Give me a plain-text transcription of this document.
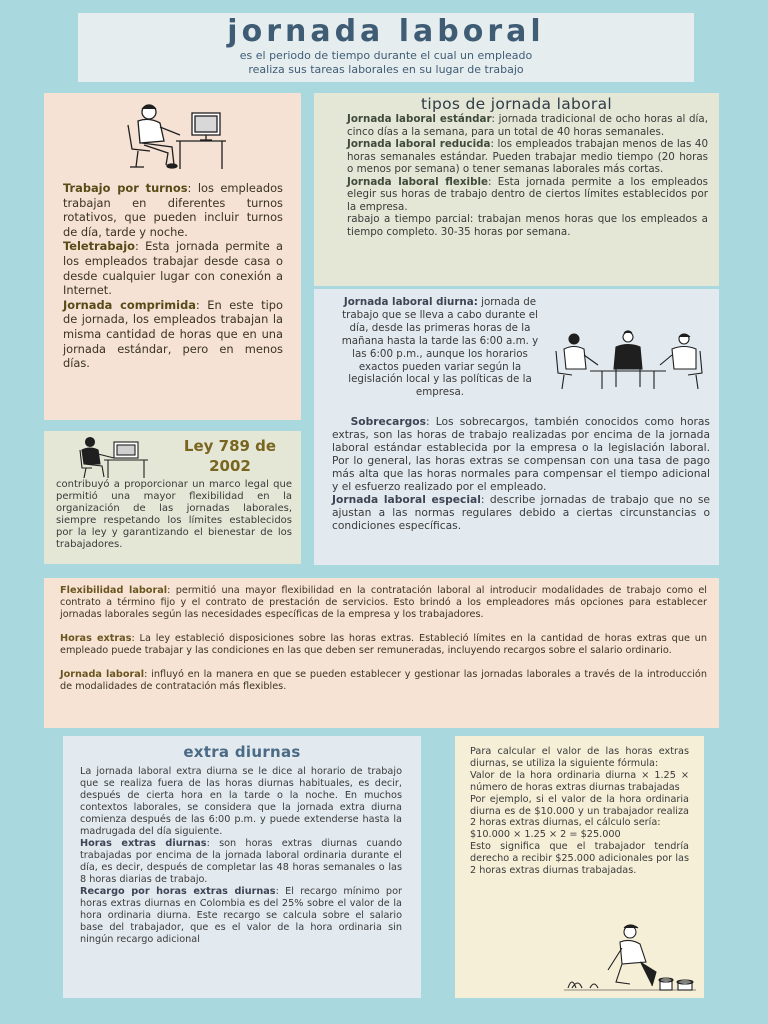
jornada laboral

es el periodo de tiempo durante el cual un empleado

realiza sus tareas laborales en su lugar de trabajo

Trabajo por turnos: los empleados trabajan en diferentes turnos rotativos, que pueden incluir turnos de día, tarde y noche.
Teletrabajo: Esta jornada permite a los empleados trabajar desde casa o desde cualquier lugar con conexión a Internet.
Jornada comprimida: En este tipo de jornada, los empleados trabajan la misma cantidad de horas que en una jornada estándar, pero en menos días.
tipos de jornada laboral
Jornada laboral estándar: jornada tradicional de ocho horas al día, cinco días a la semana, para un total de 40 horas semanales.
Jornada laboral reducida: los empleados trabajan menos de las 40 horas semanales estándar. Pueden trabajar medio tiempo (20 horas o menos por semana) o tener semanas laborales más cortas.
Jornada laboral flexible: Esta jornada permite a los empleados elegir sus horas de trabajo dentro de ciertos límites establecidos por la empresa.
rabajo a tiempo parcial: trabajan menos horas que los empleados a tiempo completo. 30-35 horas por semana.
Ley 789 de 2002
contribuyó a proporcionar un marco legal que permitió una mayor flexibilidad en la organización de las jornadas laborales, siempre respetando los límites establecidos por la ley y garantizando el bienestar de los trabajadores.
Jornada laboral diurna: jornada de trabajo que se lleva a cabo durante el día, desde las primeras horas de la mañana hasta la tarde las 6:00 a.m. y las 6:00 p.m., aunque los horarios exactos pueden variar según la legislación local y las políticas de la empresa.
Sobrecargos: Los sobrecargos, también conocidos como horas extras, son las horas de trabajo realizadas por encima de la jornada laboral estándar establecida por la empresa o la legislación laboral. Por lo general, las horas extras se compensan con una tasa de pago más alta que las horas normales para compensar el tiempo adicional y el esfuerzo realizado por el empleado.
Jornada laboral especial: describe jornadas de trabajo que no se ajustan a las normas regulares debido a ciertas circunstancias o condiciones específicas.

Flexibilidad laboral: permitió una mayor flexibilidad en la contratación laboral al introducir modalidades de trabajo como el contrato a término fijo y el contrato de prestación de servicios. Esto brindó a los empleadores más opciones para establecer jornadas laborales según las necesidades específicas de la empresa y los trabajadores.

Horas extras: La ley estableció disposiciones sobre las horas extras. Estableció límites en la cantidad de horas extras que un empleado puede trabajar y las condiciones en las que deben ser remuneradas, incluyendo recargos sobre el salario ordinario.

Jornada laboral: influyó en la manera en que se pueden establecer y gestionar las jornadas laborales a través de la introducción de modalidades de contratación más flexibles.

extra diurnas
La jornada laboral extra diurna se le dice al horario de trabajo que se realiza fuera de las horas diurnas habituales, es decir, después de cierta hora en la tarde o la noche. En muchos contextos laborales, se considera que la jornada extra diurna comienza después de las 6:00 p.m. y puede extenderse hasta la madrugada del día siguiente.
Horas extras diurnas: son horas extras diurnas cuando trabajadas por encima de la jornada laboral ordinaria durante el día, es decir, después de completar las 48 horas semanales o las 8 horas diarias de trabajo.
Recargo por horas extras diurnas: El recargo mínimo por horas extras diurnas en Colombia es del 25% sobre el valor de la hora ordinaria diurna. Este recargo se calcula sobre el salario base del trabajador, que es el valor de la hora ordinaria sin ningún recargo adicional
Para calcular el valor de las horas extras diurnas, se utiliza la siguiente fórmula:
Valor de la hora ordinaria diurna × 1.25 × número de horas extras diurnas trabajadas
Por ejemplo, si el valor de la hora ordinaria diurna es de $10.000 y un trabajador realiza 2 horas extras diurnas, el cálculo sería:
$10.000 × 1.25 × 2 = $25.000
Esto significa que el trabajador tendría derecho a recibir $25.000 adicionales por las 2 horas extras diurnas trabajadas.
